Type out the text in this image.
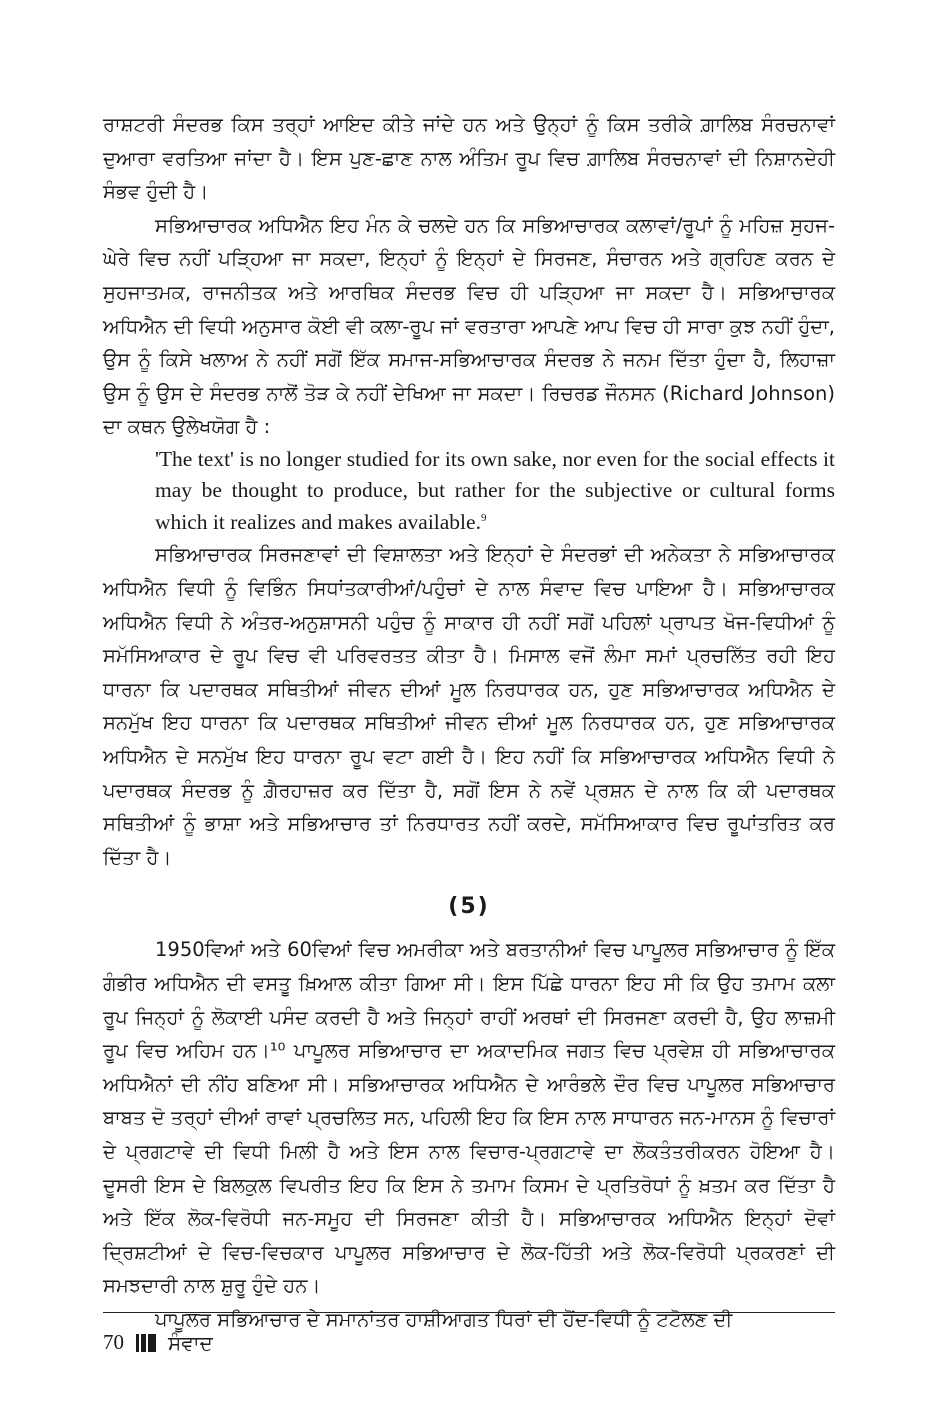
ਰਾਸ਼ਟਰੀ ਸੰਦਰਭ ਕਿਸ ਤਰ੍ਹਾਂ ਆਇਦ ਕੀਤੇ ਜਾਂਦੇ ਹਨ ਅਤੇ ਉਨ੍ਹਾਂ ਨੂੰ ਕਿਸ ਤਰੀਕੇ ਗ਼ਾਲਿਬ ਸੰਰਚਨਾਵਾਂ ਦੁਆਰਾ ਵਰਤਿਆ ਜਾਂਦਾ ਹੈ। ਇਸ ਪੁਣ-ਛਾਣ ਨਾਲ ਅੰਤਿਮ ਰੂਪ ਵਿਚ ਗ਼ਾਲਿਬ ਸੰਰਚਨਾਵਾਂ ਦੀ ਨਿਸ਼ਾਨਦੇਹੀ ਸੰਭਵ ਹੁੰਦੀ ਹੈ।

ਸਭਿਆਚਾਰਕ ਅਧਿਐਨ ਇਹ ਮੰਨ ਕੇ ਚਲਦੇ ਹਨ ਕਿ ਸਭਿਆਚਾਰਕ ਕਲਾਵਾਂ/ਰੂਪਾਂ ਨੂੰ ਮਹਿਜ਼ ਸੁਹਜ-ਘੇਰੇ ਵਿਚ ਨਹੀਂ ਪੜ੍ਹਿਆ ਜਾ ਸਕਦਾ, ਇਨ੍ਹਾਂ ਨੂੰ ਇਨ੍ਹਾਂ ਦੇ ਸਿਰਜਣ, ਸੰਚਾਰਨ ਅਤੇ ਗ੍ਰਹਿਣ ਕਰਨ ਦੇ ਸੁਹਜਾਤਮਕ, ਰਾਜਨੀਤਕ ਅਤੇ ਆਰਥਿਕ ਸੰਦਰਭ ਵਿਚ ਹੀ ਪੜ੍ਹਿਆ ਜਾ ਸਕਦਾ ਹੈ। ਸਭਿਆਚਾਰਕ ਅਧਿਐਨ ਦੀ ਵਿਧੀ ਅਨੁਸਾਰ ਕੋਈ ਵੀ ਕਲਾ-ਰੂਪ ਜਾਂ ਵਰਤਾਰਾ ਆਪਣੇ ਆਪ ਵਿਚ ਹੀ ਸਾਰਾ ਕੁਝ ਨਹੀਂ ਹੁੰਦਾ, ਉਸ ਨੂੰ ਕਿਸੇ ਖਲਾਅ ਨੇ ਨਹੀਂ ਸਗੋਂ ਇੱਕ ਸਮਾਜ-ਸਭਿਆਚਾਰਕ ਸੰਦਰਭ ਨੇ ਜਨਮ ਦਿੱਤਾ ਹੁੰਦਾ ਹੈ, ਲਿਹਾਜ਼ਾ ਉਸ ਨੂੰ ਉਸ ਦੇ ਸੰਦਰਭ ਨਾਲੋਂ ਤੋੜ ਕੇ ਨਹੀਂ ਦੇਖਿਆ ਜਾ ਸਕਦਾ। ਰਿਚਰਡ ਜੌਨਸਨ (Richard Johnson) ਦਾ ਕਥਨ ਉਲੇਖਯੋਗ ਹੈ :

'The text' is no longer studied for its own sake, nor even for the social effects it may be thought to produce, but rather for the subjective or cultural forms which it realizes and makes available.$^9$

ਸਭਿਆਚਾਰਕ ਸਿਰਜਣਾਵਾਂ ਦੀ ਵਿਸ਼ਾਲਤਾ ਅਤੇ ਇਨ੍ਹਾਂ ਦੇ ਸੰਦਰਭਾਂ ਦੀ ਅਨੇਕਤਾ ਨੇ ਸਭਿਆਚਾਰਕ ਅਧਿਐਨ ਵਿਧੀ ਨੂੰ ਵਿਭਿੰਨ ਸਿਧਾਂਤਕਾਰੀਆਂ/ਪਹੁੰਚਾਂ ਦੇ ਨਾਲ ਸੰਵਾਦ ਵਿਚ ਪਾਇਆ ਹੈ। ਸਭਿਆਚਾਰਕ ਅਧਿਐਨ ਵਿਧੀ ਨੇ ਅੰਤਰ-ਅਨੁਸ਼ਾਸਨੀ ਪਹੁੰਚ ਨੂੰ ਸਾਕਾਰ ਹੀ ਨਹੀਂ ਸਗੋਂ ਪਹਿਲਾਂ ਪ੍ਰਾਪਤ ਖੋਜ-ਵਿਧੀਆਂ ਨੂੰ ਸਮੱਸਿਆਕਾਰ ਦੇ ਰੂਪ ਵਿਚ ਵੀ ਪਰਿਵਰਤਤ ਕੀਤਾ ਹੈ। ਮਿਸਾਲ ਵਜੋਂ ਲੰਮਾ ਸਮਾਂ ਪ੍ਰਚਲਿੱਤ ਰਹੀ ਇਹ ਧਾਰਨਾ ਕਿ ਪਦਾਰਥਕ ਸਥਿਤੀਆਂ ਜੀਵਨ ਦੀਆਂ ਮੂਲ ਨਿਰਧਾਰਕ ਹਨ, ਹੁਣ ਸਭਿਆਚਾਰਕ ਅਧਿਐਨ ਦੇ ਸਨਮੁੱਖ ਇਹ ਧਾਰਨਾ ਕਿ ਪਦਾਰਥਕ ਸਥਿਤੀਆਂ ਜੀਵਨ ਦੀਆਂ ਮੂਲ ਨਿਰਧਾਰਕ ਹਨ, ਹੁਣ ਸਭਿਆਚਾਰਕ ਅਧਿਐਨ ਦੇ ਸਨਮੁੱਖ ਇਹ ਧਾਰਨਾ ਰੂਪ ਵਟਾ ਗਈ ਹੈ। ਇਹ ਨਹੀਂ ਕਿ ਸਭਿਆਚਾਰਕ ਅਧਿਐਨ ਵਿਧੀ ਨੇ ਪਦਾਰਥਕ ਸੰਦਰਭ ਨੂੰ ਗ਼ੈਰਹਾਜ਼ਰ ਕਰ ਦਿੱਤਾ ਹੈ, ਸਗੋਂ ਇਸ ਨੇ ਨਵੇਂ ਪ੍ਰਸ਼ਨ ਦੇ ਨਾਲ ਕਿ ਕੀ ਪਦਾਰਥਕ ਸਥਿਤੀਆਂ ਨੂੰ ਭਾਸ਼ਾ ਅਤੇ ਸਭਿਆਚਾਰ ਤਾਂ ਨਿਰਧਾਰਤ ਨਹੀਂ ਕਰਦੇ, ਸਮੱਸਿਆਕਾਰ ਵਿਚ ਰੂਪਾਂਤਰਿਤ ਕਰ ਦਿੱਤਾ ਹੈ।

(5)

1950ਵਿਆਂ ਅਤੇ 60ਵਿਆਂ ਵਿਚ ਅਮਰੀਕਾ ਅਤੇ ਬਰਤਾਨੀਆਂ ਵਿਚ ਪਾਪੂਲਰ ਸਭਿਆਚਾਰ ਨੂੰ ਇੱਕ ਗੰਭੀਰ ਅਧਿਐਨ ਦੀ ਵਸਤੂ ਖ਼ਿਆਲ ਕੀਤਾ ਗਿਆ ਸੀ। ਇਸ ਪਿੱਛੇ ਧਾਰਨਾ ਇਹ ਸੀ ਕਿ ਉਹ ਤਮਾਮ ਕਲਾ ਰੂਪ ਜਿਨ੍ਹਾਂ ਨੂੰ ਲੋਕਾਈ ਪਸੰਦ ਕਰਦੀ ਹੈ ਅਤੇ ਜਿਨ੍ਹਾਂ ਰਾਹੀਂ ਅਰਥਾਂ ਦੀ ਸਿਰਜਣਾ ਕਰਦੀ ਹੈ, ਉਹ ਲਾਜ਼ਮੀ ਰੂਪ ਵਿਚ ਅਹਿਮ ਹਨ।¹⁰ ਪਾਪੂਲਰ ਸਭਿਆਚਾਰ ਦਾ ਅਕਾਦਮਿਕ ਜਗਤ ਵਿਚ ਪ੍ਰਵੇਸ਼ ਹੀ ਸਭਿਆਚਾਰਕ ਅਧਿਐਨਾਂ ਦੀ ਨੀਂਹ ਬਣਿਆ ਸੀ। ਸਭਿਆਚਾਰਕ ਅਧਿਐਨ ਦੇ ਆਰੰਭਲੇ ਦੌਰ ਵਿਚ ਪਾਪੂਲਰ ਸਭਿਆਚਾਰ ਬਾਬਤ ਦੋ ਤਰ੍ਹਾਂ ਦੀਆਂ ਰਾਵਾਂ ਪ੍ਰਚਲਿਤ ਸਨ, ਪਹਿਲੀ ਇਹ ਕਿ ਇਸ ਨਾਲ ਸਾਧਾਰਨ ਜਨ-ਮਾਨਸ ਨੂੰ ਵਿਚਾਰਾਂ ਦੇ ਪ੍ਰਗਟਾਵੇ ਦੀ ਵਿਧੀ ਮਿਲੀ ਹੈ ਅਤੇ ਇਸ ਨਾਲ ਵਿਚਾਰ-ਪ੍ਰਗਟਾਵੇ ਦਾ ਲੋਕਤੰਤਰੀਕਰਨ ਹੋਇਆ ਹੈ। ਦੂਸਰੀ ਇਸ ਦੇ ਬਿਲਕੁਲ ਵਿਪਰੀਤ ਇਹ ਕਿ ਇਸ ਨੇ ਤਮਾਮ ਕਿਸਮ ਦੇ ਪ੍ਰਤਿਰੋਧਾਂ ਨੂੰ ਖ਼ਤਮ ਕਰ ਦਿੱਤਾ ਹੈ ਅਤੇ ਇੱਕ ਲੋਕ-ਵਿਰੋਧੀ ਜਨ-ਸਮੂਹ ਦੀ ਸਿਰਜਣਾ ਕੀਤੀ ਹੈ। ਸਭਿਆਚਾਰਕ ਅਧਿਐਨ ਇਨ੍ਹਾਂ ਦੋਵਾਂ ਦ੍ਰਿਸ਼ਟੀਆਂ ਦੇ ਵਿਚ-ਵਿਚਕਾਰ ਪਾਪੂਲਰ ਸਭਿਆਚਾਰ ਦੇ ਲੋਕ-ਹਿੱਤੀ ਅਤੇ ਲੋਕ-ਵਿਰੋਧੀ ਪ੍ਰਕਰਣਾਂ ਦੀ ਸਮਝਦਾਰੀ ਨਾਲ ਸ਼ੁਰੂ ਹੁੰਦੇ ਹਨ।

ਪਾਪੂਲਰ ਸਭਿਆਚਾਰ ਦੇ ਸਮਾਨਾਂਤਰ ਹਾਸ਼ੀਆਗਤ ਧਿਰਾਂ ਦੀ ਹੋਂਦ-ਵਿਧੀ ਨੂੰ ਟਟੋਲਣ ਦੀ

70 ਸੰਵਾਦ
